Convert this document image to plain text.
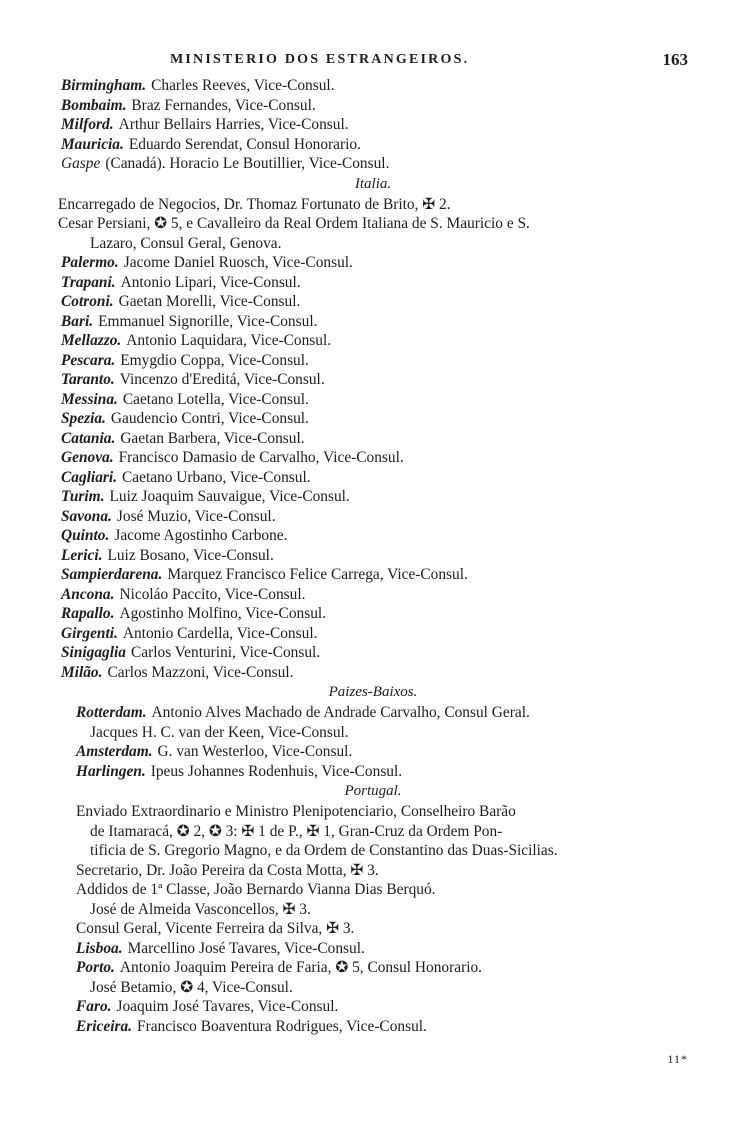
MINISTERIO DOS ESTRANGEIROS.	163
Birmingham. Charles Reeves, Vice-Consul.
Bombaim. Braz Fernandes, Vice-Consul.
Milford. Arthur Bellairs Harries, Vice-Consul.
Mauricia. Eduardo Serendat, Consul Honorario.
Gaspe (Canadá). Horacio Le Boutillier, Vice-Consul.
Italia.
Encarregado de Negocios, Dr. Thomaz Fortunato de Brito, ✠ 2.
Cesar Persiani, ✪ 5, e Cavalleiro da Real Ordem Italiana de S. Mauricio e S.
Lazaro, Consul Geral, Genova.
Palermo. Jacome Daniel Ruosch, Vice-Consul.
Trapani. Antonio Lipari, Vice-Consul.
Cotroni. Gaetan Morelli, Vice-Consul.
Bari. Emmanuel Signorille, Vice-Consul.
Mellazzo. Antonio Laquidara, Vice-Consul.
Pescara. Emygdio Coppa, Vice-Consul.
Taranto. Vincenzo d'Ereditá, Vice-Consul.
Messina. Caetano Lotella, Vice-Consul.
Spezia. Gaudencio Contri, Vice-Consul.
Catania. Gaetan Barbera, Vice-Consul.
Genova. Francisco Damasio de Carvalho, Vice-Consul.
Cagliari. Caetano Urbano, Vice-Consul.
Turim. Luiz Joaquim Sauvaigue, Vice-Consul.
Savona. José Muzio, Vice-Consul.
Quinto. Jacome Agostinho Carbone.
Lerici. Luiz Bosano, Vice-Consul.
Sampierdarena. Marquez Francisco Felice Carrega, Vice-Consul.
Ancona. Nicoláo Paccito, Vice-Consul.
Rapallo. Agostinho Molfino, Vice-Consul.
Girgenti. Antonio Cardella, Vice-Consul.
Sinigaglia Carlos Venturini, Vice-Consul.
Milão. Carlos Mazzoni, Vice-Consul.
Paizes-Baixos.
Rotterdam. Antonio Alves Machado de Andrade Carvalho, Consul Geral.
Jacques H. C. van der Keen, Vice-Consul.
Amsterdam. G. van Westerloo, Vice-Consul.
Harlingen. Ipeus Johannes Rodenhuis, Vice-Consul.
Portugal.
Enviado Extraordinario e Ministro Plenipotenciario, Conselheiro Barão
de Itamaracá, ✪ 2, ✪ 3: ✠ 1 de P., ✠ 1, Gran-Cruz da Ordem Pon-
tificia de S. Gregorio Magno, e da Ordem de Constantino das Duas-Sicilias.
Secretario, Dr. João Pereira da Costa Motta, ✠ 3.
Addidos de 1ª Classe, João Bernardo Vianna Dias Berquó.
José de Almeida Vasconcellos, ✠ 3.
Consul Geral, Vicente Ferreira da Silva, ✠ 3.
Lisboa. Marcellino José Tavares, Vice-Consul.
Porto. Antonio Joaquim Pereira de Faria, ✪ 5, Consul Honorario.
José Betamio, ✪ 4, Vice-Consul.
Faro. Joaquim José Tavares, Vice-Consul.
Ericeira. Francisco Boaventura Rodrigues, Vice-Consul.
11*
